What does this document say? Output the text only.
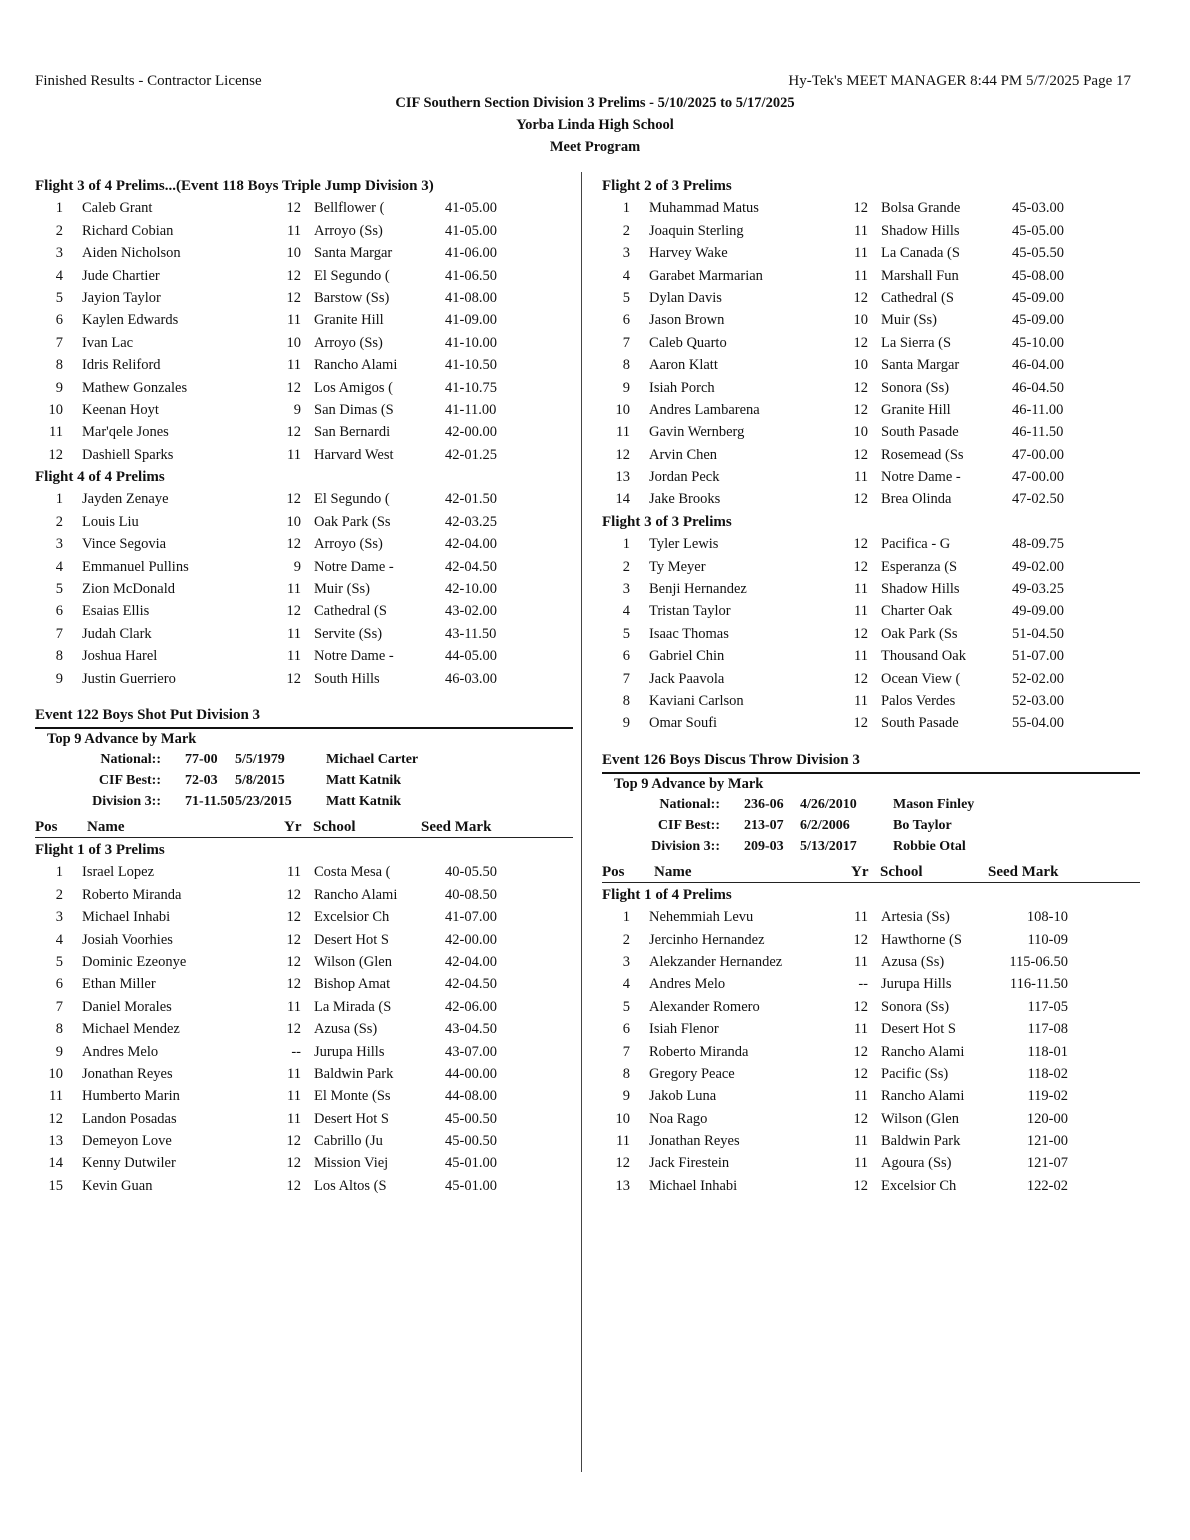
Finished Results - Contractor License	Hy-Tek's MEET MANAGER 8:44 PM 5/7/2025 Page 17
CIF Southern Section Division 3 Prelims - 5/10/2025 to 5/17/2025
Yorba Linda High School
Meet Program
Flight 3 of 4 Prelims...(Event 118 Boys Triple Jump Division 3)
1 Caleb Grant	12 Bellflower (	41-05.00
2 Richard Cobian	11 Arroyo (Ss)	41-05.00
3 Aiden Nicholson	10 Santa Margar	41-06.00
4 Jude Chartier	12 El Segundo (	41-06.50
5 Jayion Taylor	12 Barstow (Ss)	41-08.00
6 Kaylen Edwards	11 Granite Hill	41-09.00
7 Ivan Lac	10 Arroyo (Ss)	41-10.00
8 Idris Reliford	11 Rancho Alami	41-10.50
9 Mathew Gonzales	12 Los Amigos (	41-10.75
10 Keenan Hoyt	9 San Dimas (S	41-11.00
11 Mar'qele Jones	12 San Bernardi	42-00.00
12 Dashiell Sparks	11 Harvard West	42-01.25
Flight 4 of 4 Prelims
1 Jayden Zenaye	12 El Segundo (	42-01.50
2 Louis Liu	10 Oak Park (Ss	42-03.25
3 Vince Segovia	12 Arroyo (Ss)	42-04.00
4 Emmanuel Pullins	9 Notre Dame -	42-04.50
5 Zion McDonald	11 Muir (Ss)	42-10.00
6 Esaias Ellis	12 Cathedral (S	43-02.00
7 Judah Clark	11 Servite (Ss)	43-11.50
8 Joshua Harel	11 Notre Dame -	44-05.00
9 Justin Guerriero	12 South Hills	46-03.00
Event 122 Boys Shot Put Division 3
Top 9 Advance by Mark
National:: 77-00 5/5/1979	Michael Carter
CIF Best:: 72-03 5/8/2015	Matt Katnik
Division 3:: 71-11.50 5/23/2015 Matt Katnik
Pos Name	Yr School	Seed Mark
Flight 1 of 3 Prelims
1 Israel Lopez	11 Costa Mesa (	40-05.50
2 Roberto Miranda	12 Rancho Alami	40-08.50
3 Michael Inhabi	12 Excelsior Ch	41-07.00
4 Josiah Voorhies	12 Desert Hot S	42-00.00
5 Dominic Ezeonye	12 Wilson (Glen	42-04.00
6 Ethan Miller	12 Bishop Amat	42-04.50
7 Daniel Morales	11 La Mirada (S	42-06.00
8 Michael Mendez	12 Azusa (Ss)	43-04.50
9 Andres Melo	-- Jurupa Hills	43-07.00
10 Jonathan Reyes	11 Baldwin Park	44-00.00
11 Humberto Marin	11 El Monte (Ss	44-08.00
12 Landon Posadas	11 Desert Hot S	45-00.50
13 Demeyon Love	12 Cabrillo (Ju	45-00.50
14 Kenny Dutwiler	12 Mission Viej	45-01.00
15 Kevin Guan	12 Los Altos (S	45-01.00
Flight 2 of 3 Prelims
1 Muhammad Matus	12 Bolsa Grande	45-03.00
2 Joaquin Sterling	11 Shadow Hills	45-05.00
3 Harvey Wake	11 La Canada (S	45-05.50
4 Garabet Marmarian	11 Marshall Fun	45-08.00
5 Dylan Davis	12 Cathedral (S	45-09.00
6 Jason Brown	10 Muir (Ss)	45-09.00
7 Caleb Quarto	12 La Sierra (S	45-10.00
8 Aaron Klatt	10 Santa Margar	46-04.00
9 Isiah Porch	12 Sonora (Ss)	46-04.50
10 Andres Lambarena	12 Granite Hill	46-11.00
11 Gavin Wernberg	10 South Pasade	46-11.50
12 Arvin Chen	12 Rosemead (Ss	47-00.00
13 Jordan Peck	11 Notre Dame -	47-00.00
14 Jake Brooks	12 Brea Olinda	47-02.50
Flight 3 of 3 Prelims
1 Tyler Lewis	12 Pacifica - G	48-09.75
2 Ty Meyer	12 Esperanza (S	49-02.00
3 Benji Hernandez	11 Shadow Hills	49-03.25
4 Tristan Taylor	11 Charter Oak	49-09.00
5 Isaac Thomas	12 Oak Park (Ss	51-04.50
6 Gabriel Chin	11 Thousand Oak	51-07.00
7 Jack Paavola	12 Ocean View (	52-02.00
8 Kaviani Carlson	11 Palos Verdes	52-03.00
9 Omar Soufi	12 South Pasade	55-04.00
Event 126 Boys Discus Throw Division 3
Top 9 Advance by Mark
National:: 236-06 4/26/2010	Mason Finley
CIF Best:: 213-07 6/2/2006	Bo Taylor
Division 3:: 209-03 5/13/2017	Robbie Otal
Pos Name	Yr School	Seed Mark
Flight 1 of 4 Prelims
1 Nehemmiah Levu	11 Artesia (Ss)	108-10
2 Jercinho Hernandez	12 Hawthorne (S	110-09
3 Alekzander Hernandez	11 Azusa (Ss)	115-06.50
4 Andres Melo	-- Jurupa Hills	116-11.50
5 Alexander Romero	12 Sonora (Ss)	117-05
6 Isiah Flenor	11 Desert Hot S	117-08
7 Roberto Miranda	12 Rancho Alami	118-01
8 Gregory Peace	12 Pacific (Ss)	118-02
9 Jakob Luna	11 Rancho Alami	119-02
10 Noa Rago	12 Wilson (Glen	120-00
11 Jonathan Reyes	11 Baldwin Park	121-00
12 Jack Firestein	11 Agoura (Ss)	121-07
13 Michael Inhabi	12 Excelsior Ch	122-02
